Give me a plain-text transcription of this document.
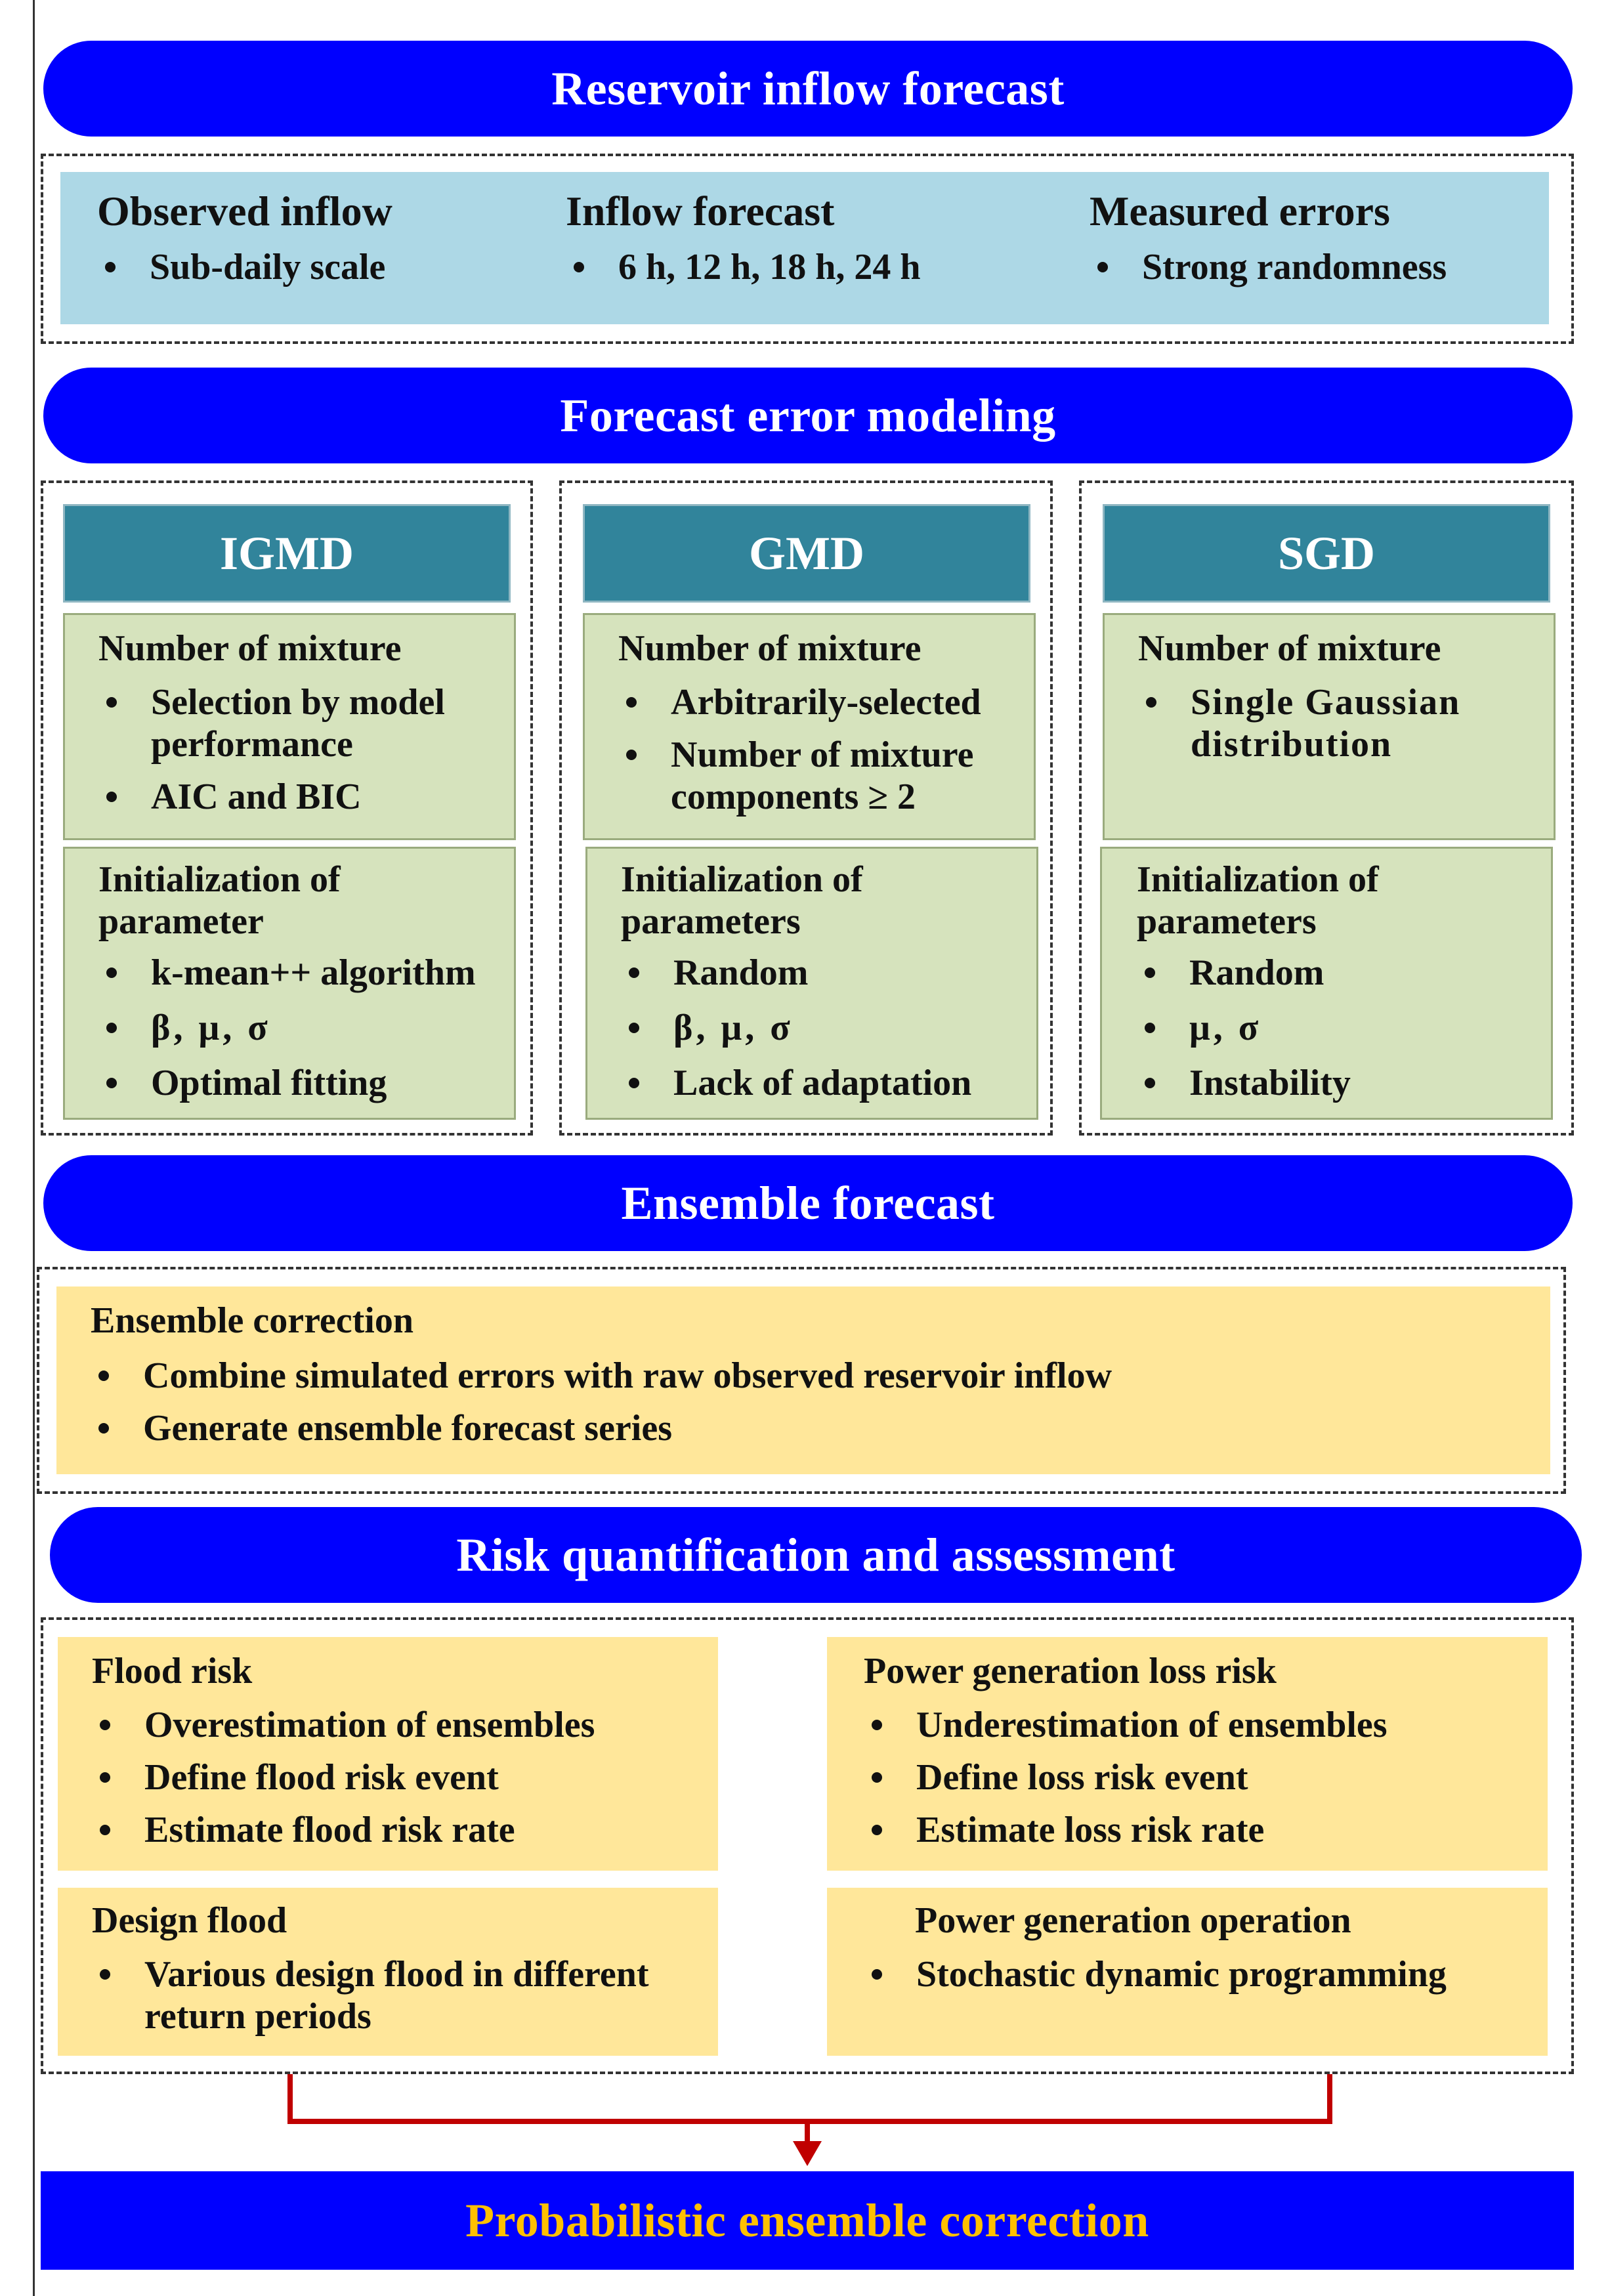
Reservoir inflow forecast
Observed inflow
Sub-daily scale
Inflow forecast
6 h, 12 h, 18 h, 24 h
Measured errors
Strong randomness
Forecast error modeling
IGMD
Number of mixture
Selection by model performance
AIC and BIC
Initialization of parameter
k-mean++ algorithm
β, μ, σ
Optimal fitting
GMD
Number of mixture
Arbitrarily-selected
Number of mixture components ≥ 2
Initialization of parameters
Random
β, μ, σ
Lack of adaptation
SGD
Number of mixture
Single Gaussian distribution
Initialization of parameters
Random
μ, σ
Instability
Ensemble forecast
Ensemble correction
Combine simulated errors with raw observed reservoir inflow
Generate ensemble forecast series
Risk quantification and assessment
Flood risk
Overestimation of ensembles
Define flood risk event
Estimate flood risk rate
Power generation loss risk
Underestimation of ensembles
Define loss risk event
Estimate loss risk rate
Design flood
Various design flood in different return periods
Power generation operation
Stochastic dynamic programming
Probabilistic ensemble correction
